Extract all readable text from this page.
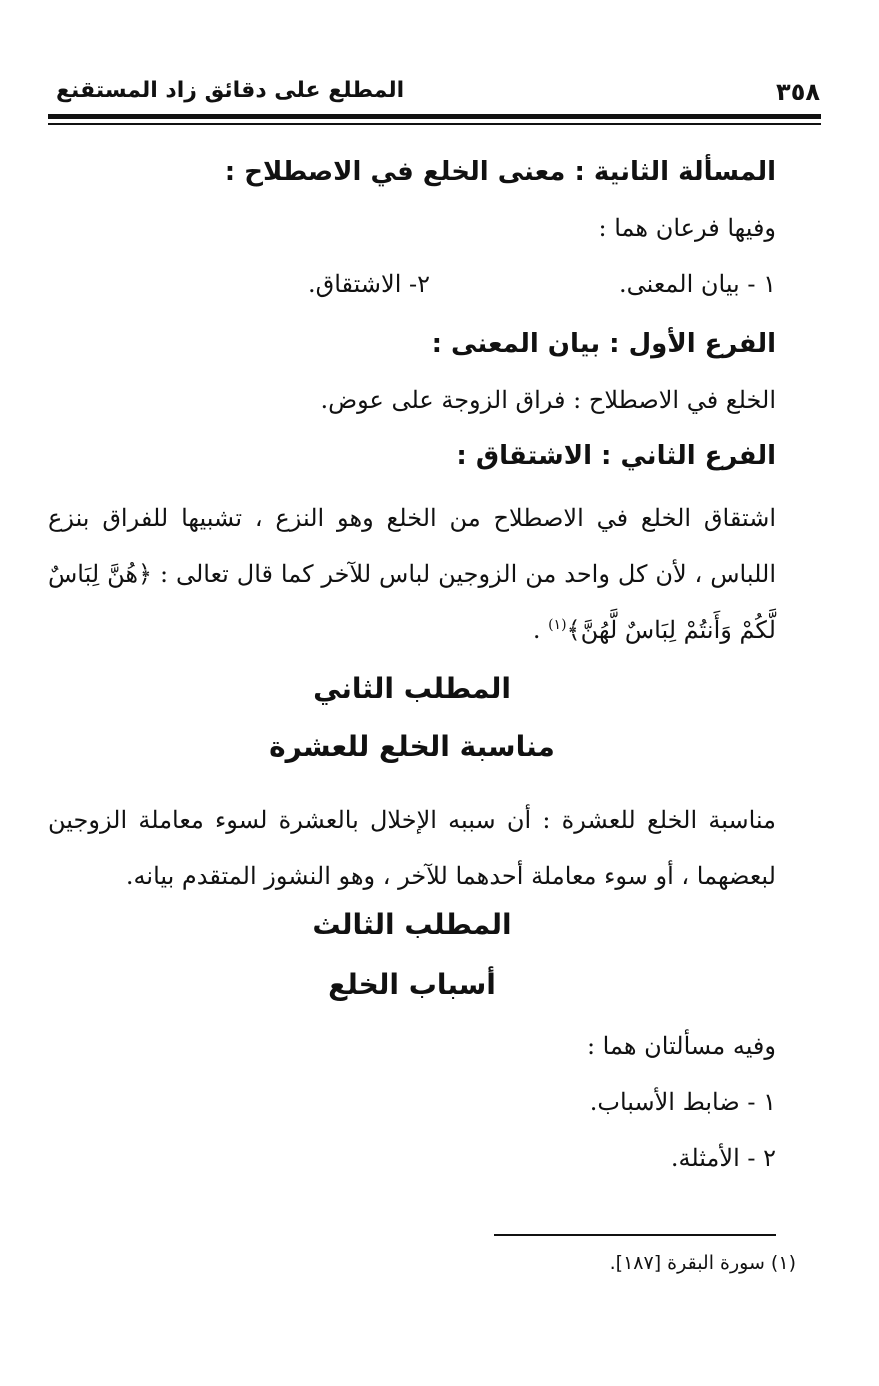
٣٥٨
المطلع على دقائق زاد المستقنع
المسألة الثانية : معنى الخلع في الاصطلاح :
وفيها فرعان هما :
١ - بيان المعنى.
٢- الاشتقاق.
الفرع الأول : بيان المعنى :
الخلع في الاصطلاح : فراق الزوجة على عوض.
الفرع الثاني : الاشتقاق :
اشتقاق الخلع في الاصطلاح من الخلع وهو النزع ، تشبيها للفراق بنزع اللباس ، لأن كل واحد من الزوجين لباس للآخر كما قال تعالى : ﴿هُنَّ لِبَاسٌ لَّكُمْ وَأَنتُمْ لِبَاسٌ لَّهُنَّ﴾$^{(١)}$ .
المطلب الثاني
مناسبة الخلع للعشرة
مناسبة الخلع للعشرة : أن سببه الإخلال بالعشرة لسوء معاملة الزوجين لبعضهما ، أو سوء معاملة أحدهما للآخر ، وهو النشوز المتقدم بيانه.
المطلب الثالث
أسباب الخلع
وفيه مسألتان هما :
١ - ضابط الأسباب.
٢ - الأمثلة.
(١) سورة البقرة [١٨٧].
